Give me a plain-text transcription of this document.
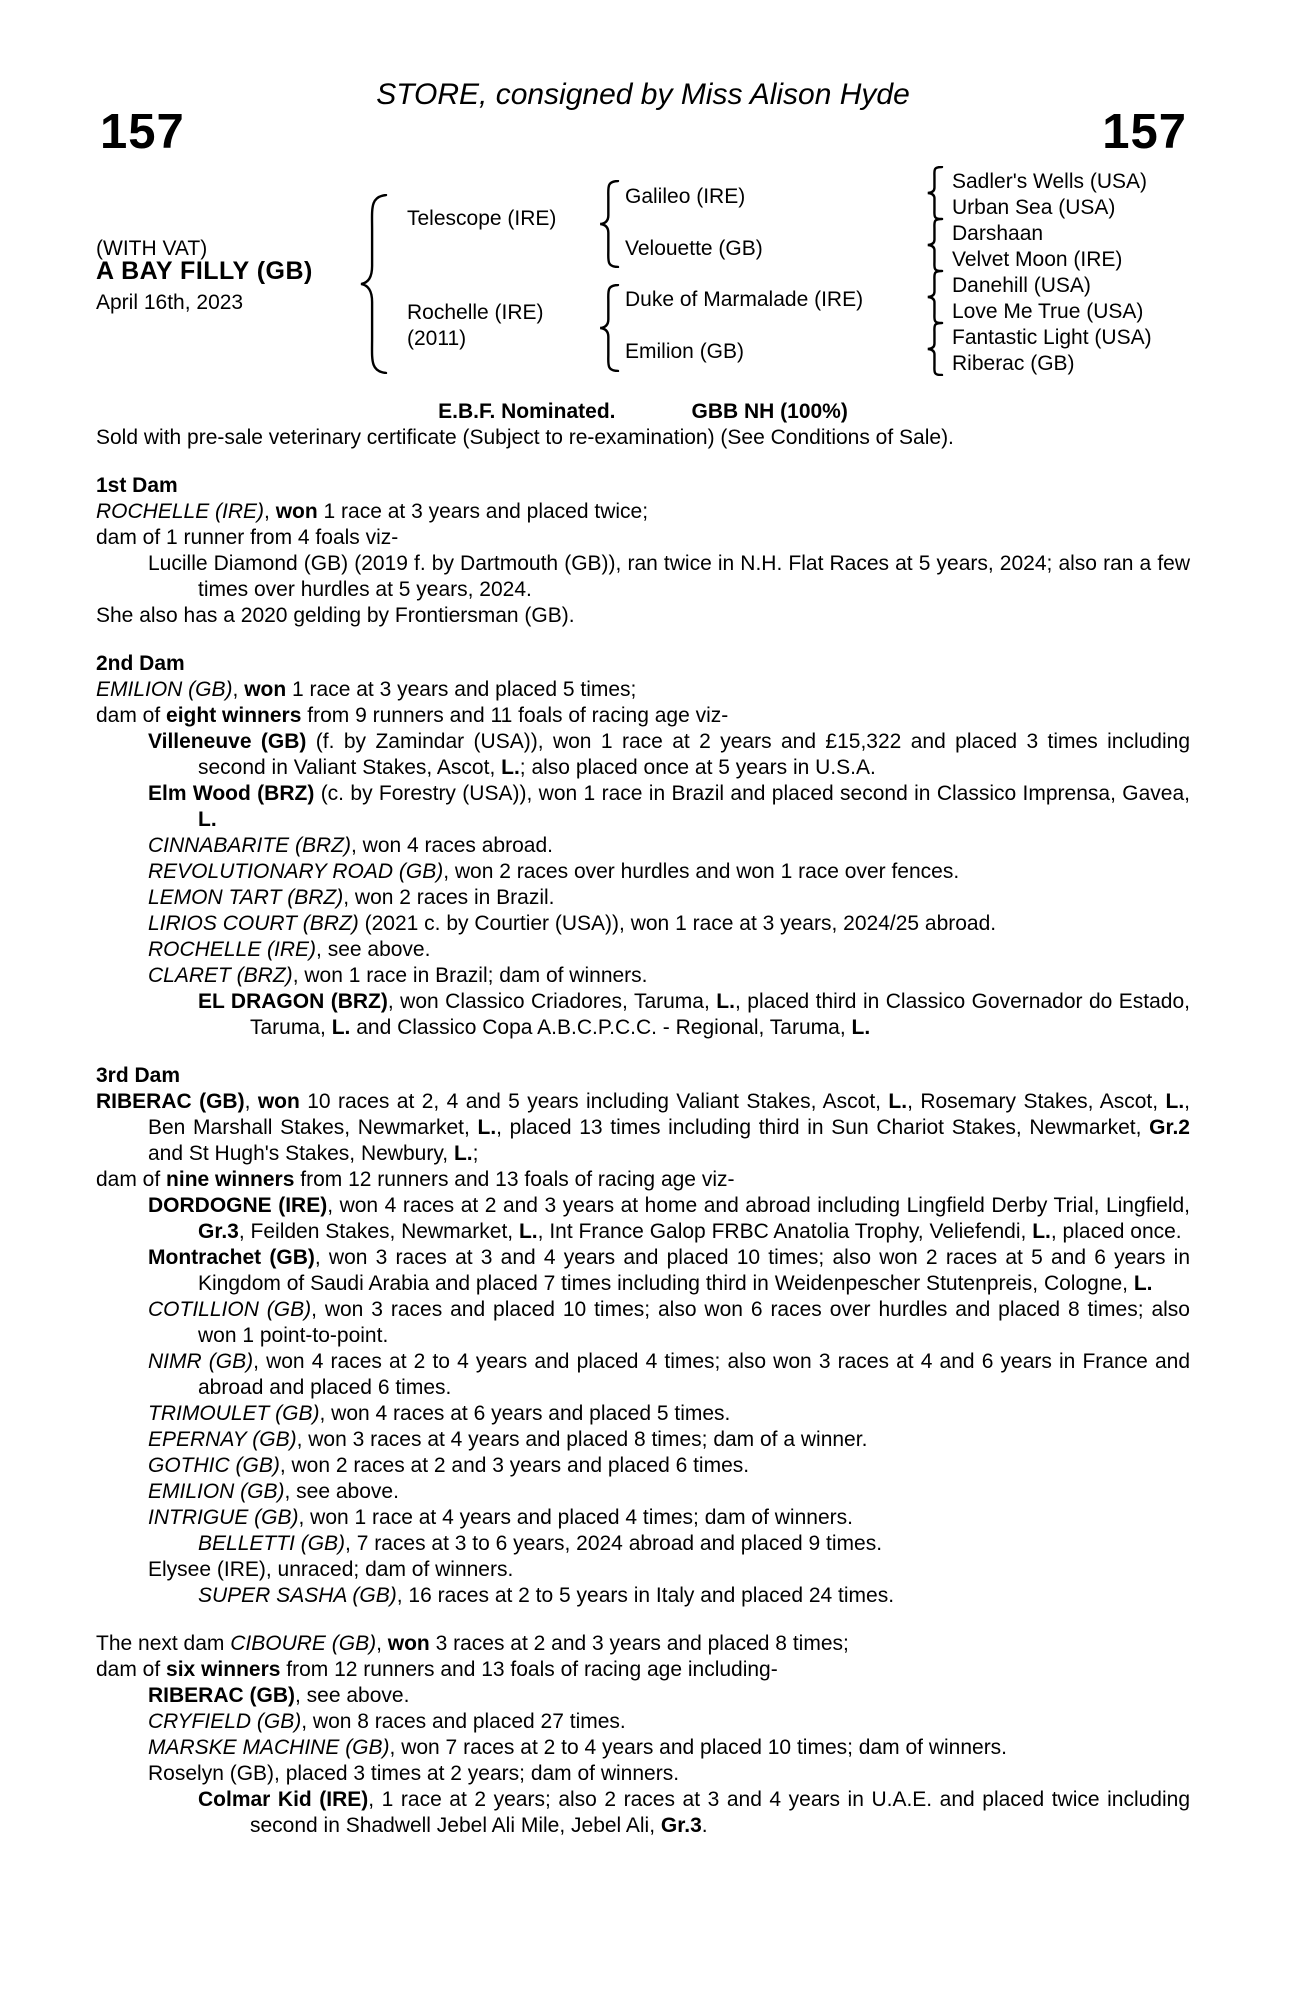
STORE, consigned by Miss Alison Hyde
157	157
(WITH VAT)
A BAY FILLY (GB)
April 16th, 2023
Telescope (IRE)
Rochelle (IRE)
(2011)
Galileo (IRE)
Velouette (GB)
Duke of Marmalade (IRE)
Emilion (GB)
Sadler's Wells (USA)
Urban Sea (USA)
Darshaan
Velvet Moon (IRE)
Danehill (USA)
Love Me True (USA)
Fantastic Light (USA)
Riberac (GB)
E.B.F. Nominated.	GBB NH (100%)
Sold with pre-sale veterinary certificate (Subject to re-examination) (See Conditions of Sale).
1st Dam
ROCHELLE (IRE), won 1 race at 3 years and placed twice;
dam of 1 runner from 4 foals viz-
Lucille Diamond (GB) (2019 f. by Dartmouth (GB)), ran twice in N.H. Flat Races at 5 years, 2024; also ran a few times over hurdles at 5 years, 2024.
She also has a 2020 gelding by Frontiersman (GB).
2nd Dam
EMILION (GB), won 1 race at 3 years and placed 5 times;
dam of eight winners from 9 runners and 11 foals of racing age viz-
Villeneuve (GB) (f. by Zamindar (USA)), won 1 race at 2 years and £15,322 and placed 3 times including second in Valiant Stakes, Ascot, L.; also placed once at 5 years in U.S.A.
Elm Wood (BRZ) (c. by Forestry (USA)), won 1 race in Brazil and placed second in Classico Imprensa, Gavea, L.
CINNABARITE (BRZ), won 4 races abroad.
REVOLUTIONARY ROAD (GB), won 2 races over hurdles and won 1 race over fences.
LEMON TART (BRZ), won 2 races in Brazil.
LIRIOS COURT (BRZ) (2021 c. by Courtier (USA)), won 1 race at 3 years, 2024/25 abroad.
ROCHELLE (IRE), see above.
CLARET (BRZ), won 1 race in Brazil; dam of winners.
EL DRAGON (BRZ), won Classico Criadores, Taruma, L., placed third in Classico Governador do Estado, Taruma, L. and Classico Copa A.B.C.P.C.C. - Regional, Taruma, L.
3rd Dam
RIBERAC (GB), won 10 races at 2, 4 and 5 years including Valiant Stakes, Ascot, L., Rosemary Stakes, Ascot, L., Ben Marshall Stakes, Newmarket, L., placed 13 times including third in Sun Chariot Stakes, Newmarket, Gr.2 and St Hugh's Stakes, Newbury, L.;
dam of nine winners from 12 runners and 13 foals of racing age viz-
DORDOGNE (IRE), won 4 races at 2 and 3 years at home and abroad including Lingfield Derby Trial, Lingfield, Gr.3, Feilden Stakes, Newmarket, L., Int France Galop FRBC Anatolia Trophy, Veliefendi, L., placed once.
Montrachet (GB), won 3 races at 3 and 4 years and placed 10 times; also won 2 races at 5 and 6 years in Kingdom of Saudi Arabia and placed 7 times including third in Weidenpescher Stutenpreis, Cologne, L.
COTILLION (GB), won 3 races and placed 10 times; also won 6 races over hurdles and placed 8 times; also won 1 point-to-point.
NIMR (GB), won 4 races at 2 to 4 years and placed 4 times; also won 3 races at 4 and 6 years in France and abroad and placed 6 times.
TRIMOULET (GB), won 4 races at 6 years and placed 5 times.
EPERNAY (GB), won 3 races at 4 years and placed 8 times; dam of a winner.
GOTHIC (GB), won 2 races at 2 and 3 years and placed 6 times.
EMILION (GB), see above.
INTRIGUE (GB), won 1 race at 4 years and placed 4 times; dam of winners.
BELLETTI (GB), 7 races at 3 to 6 years, 2024 abroad and placed 9 times.
Elysee (IRE), unraced; dam of winners.
SUPER SASHA (GB), 16 races at 2 to 5 years in Italy and placed 24 times.
The next dam CIBOURE (GB), won 3 races at 2 and 3 years and placed 8 times;
dam of six winners from 12 runners and 13 foals of racing age including-
RIBERAC (GB), see above.
CRYFIELD (GB), won 8 races and placed 27 times.
MARSKE MACHINE (GB), won 7 races at 2 to 4 years and placed 10 times; dam of winners.
Roselyn (GB), placed 3 times at 2 years; dam of winners.
Colmar Kid (IRE), 1 race at 2 years; also 2 races at 3 and 4 years in U.A.E. and placed twice including second in Shadwell Jebel Ali Mile, Jebel Ali, Gr.3.
